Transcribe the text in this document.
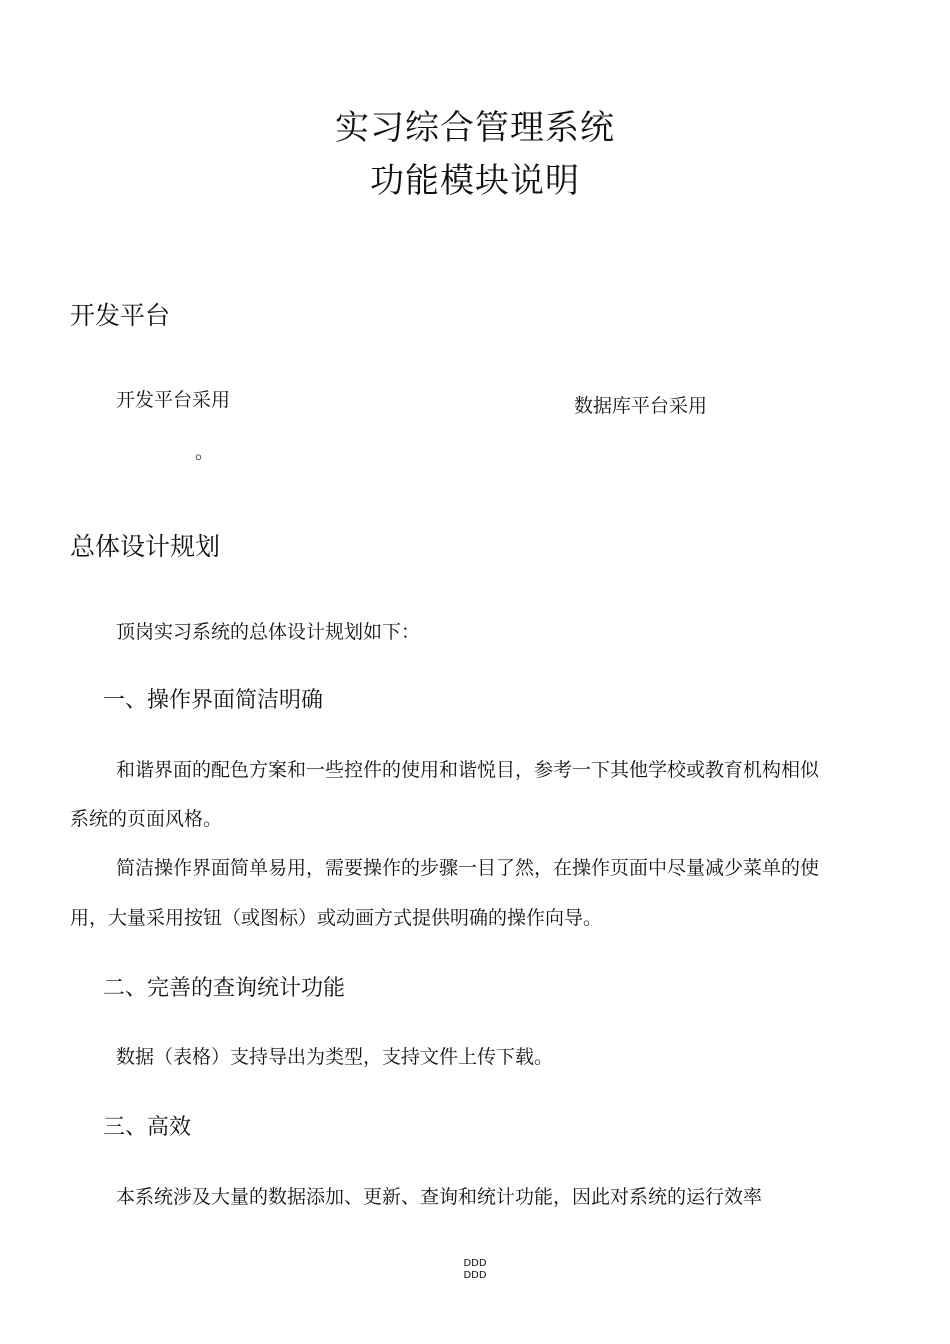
实习综合管理系统
功能模块说明
开发平台
开发平台采用	数据库平台采用
。
总体设计规划
顶岗实习系统的总体设计规划如下：
一、操作界面简洁明确
和谐界面的配色方案和一些控件的使用和谐悦目，参考一下其他学校或教育机构相似
系统的页面风格。
简洁操作界面简单易用，需要操作的步骤一目了然，在操作页面中尽量减少菜单的使
用，大量采用按钮（或图标）或动画方式提供明确的操作向导。
二、完善的查询统计功能
数据（表格）支持导出为类型，支持文件上传下载。
三、高效
本系统涉及大量的数据添加、更新、查询和统计功能，因此对系统的运行效率
DDD
DDD
